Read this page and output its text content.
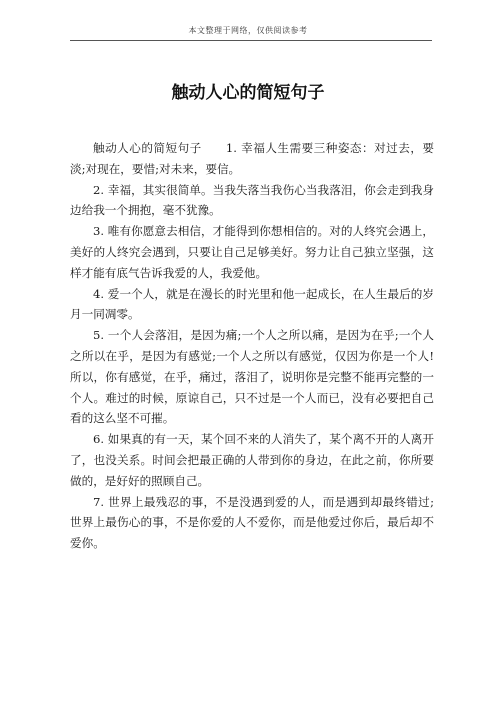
本文整理于网络，仅供阅读参考
触动人心的简短句子

触动人心的简短句子　　1. 幸福人生需要三种姿态：对过去，要淡;对现在，要惜;对未来，要信。

2. 幸福，其实很简单。当我失落当我伤心当我落泪，你会走到我身边给我一个拥抱，毫不犹豫。

3. 唯有你愿意去相信，才能得到你想相信的。对的人终究会遇上，美好的人终究会遇到，只要让自己足够美好。努力让自己独立坚强，这样才能有底气告诉我爱的人，我爱他。

4. 爱一个人，就是在漫长的时光里和他一起成长，在人生最后的岁月一同凋零。

5. 一个人会落泪，是因为痛;一个人之所以痛，是因为在乎;一个人之所以在乎，是因为有感觉;一个人之所以有感觉，仅因为你是一个人!所以，你有感觉，在乎，痛过，落泪了，说明你是完整不能再完整的一个人。难过的时候，原谅自己，只不过是一个人而已，没有必要把自己看的这么坚不可摧。

6. 如果真的有一天，某个回不来的人消失了，某个离不开的人离开了，也没关系。时间会把最正确的人带到你的身边，在此之前，你所要做的，是好好的照顾自己。

7. 世界上最残忍的事，不是没遇到爱的人，而是遇到却最终错过;世界上最伤心的事，不是你爱的人不爱你，而是他爱过你后，最后却不爱你。
